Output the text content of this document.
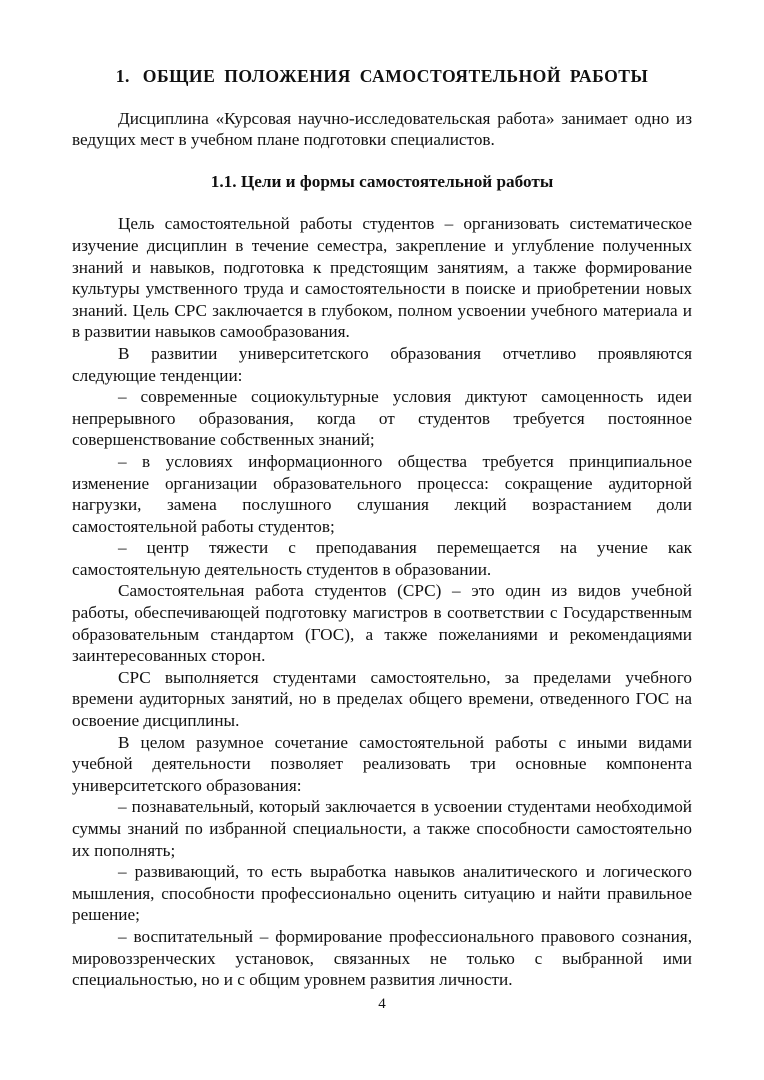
1. ОБЩИЕ ПОЛОЖЕНИЯ САМОСТОЯТЕЛЬНОЙ РАБОТЫ

Дисциплина «Курсовая научно-исследовательская работа» занимает одно из ведущих мест в учебном плане подготовки специалистов.

1.1. Цели и формы самостоятельной работы

Цель самостоятельной работы студентов – организовать систематическое изучение дисциплин в течение семестра, закрепление и углубление полученных знаний и навыков, подготовка к предстоящим занятиям, а также формирование культуры умственного труда и самостоятельности в поиске и приобретении новых знаний. Цель СРС заключается в глубоком, полном усвоении учебного материала и в развитии навыков самообразования.

В развитии университетского образования отчетливо проявляются следующие тенденции:

– современные социокультурные условия диктуют самоценность идеи непрерывного образования, когда от студентов требуется постоянное совершенствование собственных знаний;

– в условиях информационного общества требуется принципиальное изменение организации образовательного процесса: сокращение аудиторной нагрузки, замена послушного слушания лекций возрастанием доли самостоятельной работы студентов;

– центр тяжести с преподавания перемещается на учение как самостоятельную деятельность студентов в образовании.

Самостоятельная работа студентов (СРС) – это один из видов учебной работы, обеспечивающей подготовку магистров в соответствии с Государственным образовательным стандартом (ГОС), а также пожеланиями и рекомендациями заинтересованных сторон.

СРС выполняется студентами самостоятельно, за пределами учебного времени аудиторных занятий, но в пределах общего времени, отведенного ГОС на освоение дисциплины.

В целом разумное сочетание самостоятельной работы с иными видами учебной деятельности позволяет реализовать три основные компонента университетского образования:

– познавательный, который заключается в усвоении студентами необходимой суммы знаний по избранной специальности, а также способности самостоятельно их пополнять;

– развивающий, то есть выработка навыков аналитического и логического мышления, способности профессионально оценить ситуацию и найти правильное решение;

– воспитательный – формирование профессионального правового сознания, мировоззренческих установок, связанных не только с выбранной ими специальностью, но и с общим уровнем развития личности.

4
